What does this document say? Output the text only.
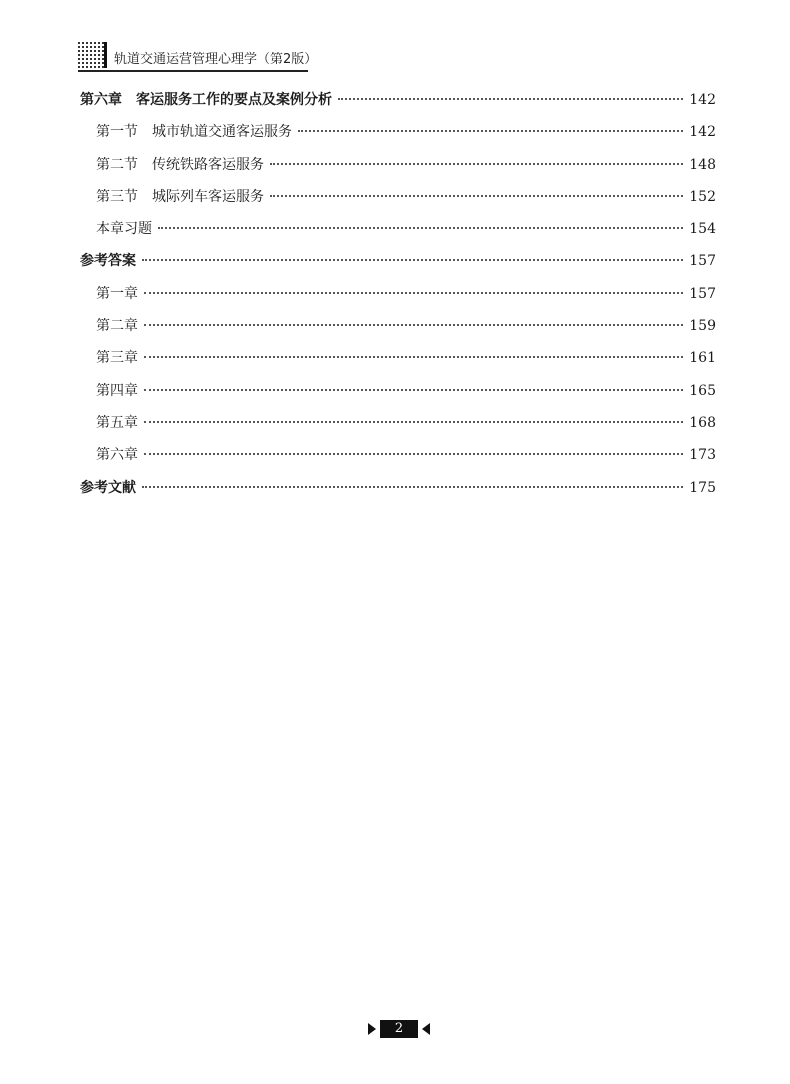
轨道交通运营管理心理学（第2版）
第六章　客运服务工作的要点及案例分析	142
第一节　城市轨道交通客运服务	142
第二节　传统铁路客运服务	148
第三节　城际列车客运服务	152
本章习题	154
参考答案	157
第一章	157
第二章	159
第三章	161
第四章	165
第五章	168
第六章	173
参考文献	175
2
